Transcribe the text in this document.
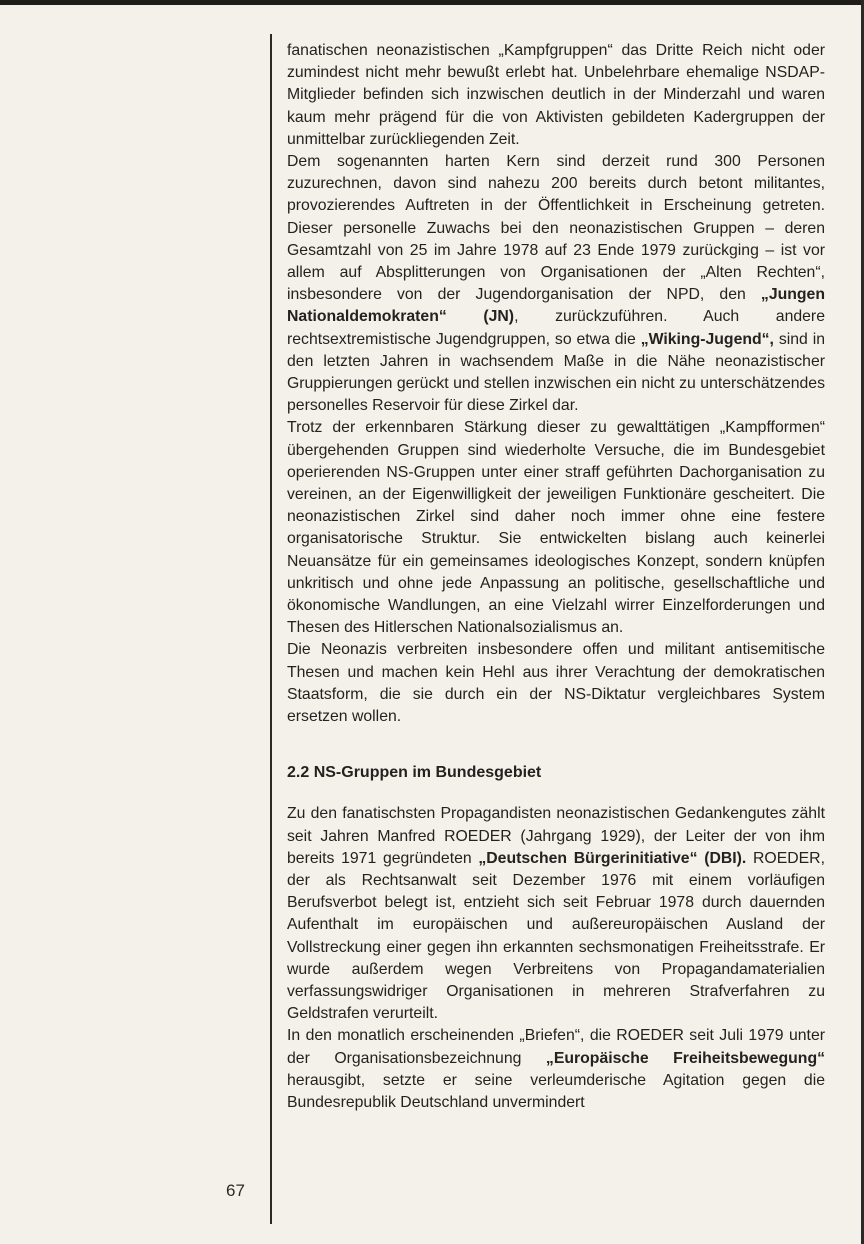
67

fanatischen neonazistischen „Kampfgruppen“ das Dritte Reich nicht oder zumindest nicht mehr bewußt erlebt hat. Unbelehrbare ehemalige NSDAP-Mitglieder befinden sich inzwischen deutlich in der Minderzahl und waren kaum mehr prägend für die von Aktivisten gebildeten Kadergruppen der unmittelbar zurückliegenden Zeit.

Dem sogenannten harten Kern sind derzeit rund 300 Personen zuzurechnen, davon sind nahezu 200 bereits durch betont militantes, provozierendes Auftreten in der Öffentlichkeit in Erscheinung getreten. Dieser personelle Zuwachs bei den neonazistischen Gruppen – deren Gesamtzahl von 25 im Jahre 1978 auf 23 Ende 1979 zurückging – ist vor allem auf Absplitterungen von Organisationen der „Alten Rechten“, insbesondere von der Jugendorganisation der NPD, den „Jungen Nationaldemokraten“ (JN), zurückzuführen. Auch andere rechtsextremistische Jugendgruppen, so etwa die „Wiking-Jugend“, sind in den letzten Jahren in wachsendem Maße in die Nähe neonazistischer Gruppierungen gerückt und stellen inzwischen ein nicht zu unterschätzendes personelles Reservoir für diese Zirkel dar.

Trotz der erkennbaren Stärkung dieser zu gewalttätigen „Kampfformen“ übergehenden Gruppen sind wiederholte Versuche, die im Bundesgebiet operierenden NS-Gruppen unter einer straff geführten Dachorganisation zu vereinen, an der Eigenwilligkeit der jeweiligen Funktionäre gescheitert. Die neonazistischen Zirkel sind daher noch immer ohne eine festere organisatorische Struktur. Sie entwickelten bislang auch keinerlei Neuansätze für ein gemeinsames ideologisches Konzept, sondern knüpfen unkritisch und ohne jede Anpassung an politische, gesellschaftliche und ökonomische Wandlungen, an eine Vielzahl wirrer Einzelforderungen und Thesen des Hitlerschen Nationalsozialismus an.

Die Neonazis verbreiten insbesondere offen und militant antisemitische Thesen und machen kein Hehl aus ihrer Verachtung der demokratischen Staatsform, die sie durch ein der NS-Diktatur vergleichbares System ersetzen wollen.

2.2 NS-Gruppen im Bundesgebiet

Zu den fanatischsten Propagandisten neonazistischen Gedankengutes zählt seit Jahren Manfred ROEDER (Jahrgang 1929), der Leiter der von ihm bereits 1971 gegründeten „Deutschen Bürgerinitiative“ (DBI). ROEDER, der als Rechtsanwalt seit Dezember 1976 mit einem vorläufigen Berufsverbot belegt ist, entzieht sich seit Februar 1978 durch dauernden Aufenthalt im europäischen und außereuropäischen Ausland der Vollstreckung einer gegen ihn erkannten sechsmonatigen Freiheitsstrafe. Er wurde außerdem wegen Verbreitens von Propagandamaterialien verfassungswidriger Organisationen in mehreren Strafverfahren zu Geldstrafen verurteilt.

In den monatlich erscheinenden „Briefen“, die ROEDER seit Juli 1979 unter der Organisationsbezeichnung „Europäische Freiheitsbewegung“ herausgibt, setzte er seine verleumderische Agitation gegen die Bundesrepublik Deutschland unvermindert
